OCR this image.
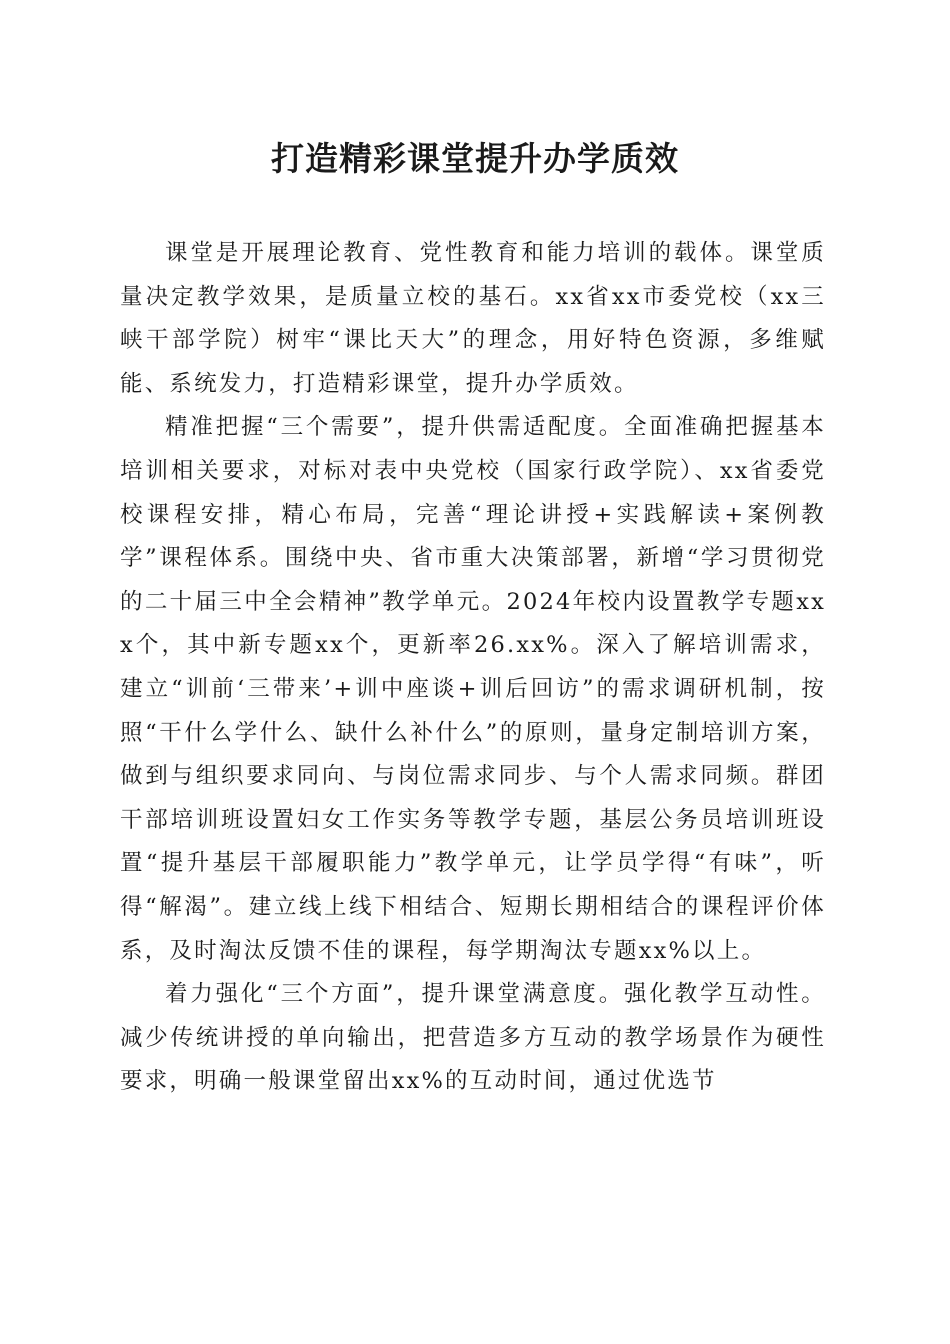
打造精彩课堂提升办学质效

课堂是开展理论教育、党性教育和能力培训的载体。课堂质量决定教学效果，是质量立校的基石。xx省xx市委党校（xx三峡干部学院）树牢“课比天大”的理念，用好特色资源，多维赋能、系统发力，打造精彩课堂，提升办学质效。

精准把握“三个需要”，提升供需适配度。全面准确把握基本培训相关要求，对标对表中央党校（国家行政学院）、xx省委党校课程安排，精心布局，完善“理论讲授+实践解读+案例教学”课程体系。围绕中央、省市重大决策部署，新增“学习贯彻党的二十届三中全会精神”教学单元。2024年校内设置教学专题xxx个，其中新专题xx个，更新率26.xx%。深入了解培训需求，建立“训前‘三带来’+训中座谈+训后回访”的需求调研机制，按照“干什么学什么、缺什么补什么”的原则，量身定制培训方案，做到与组织要求同向、与岗位需求同步、与个人需求同频。群团干部培训班设置妇女工作实务等教学专题，基层公务员培训班设置“提升基层干部履职能力”教学单元，让学员学得“有味”，听得“解渴”。建立线上线下相结合、短期长期相结合的课程评价体系，及时淘汰反馈不佳的课程，每学期淘汰专题xx%以上。

着力强化“三个方面”，提升课堂满意度。强化教学互动性。减少传统讲授的单向输出，把营造多方互动的教学场景作为硬性要求，明确一般课堂留出xx%的互动时间，通过优选节
